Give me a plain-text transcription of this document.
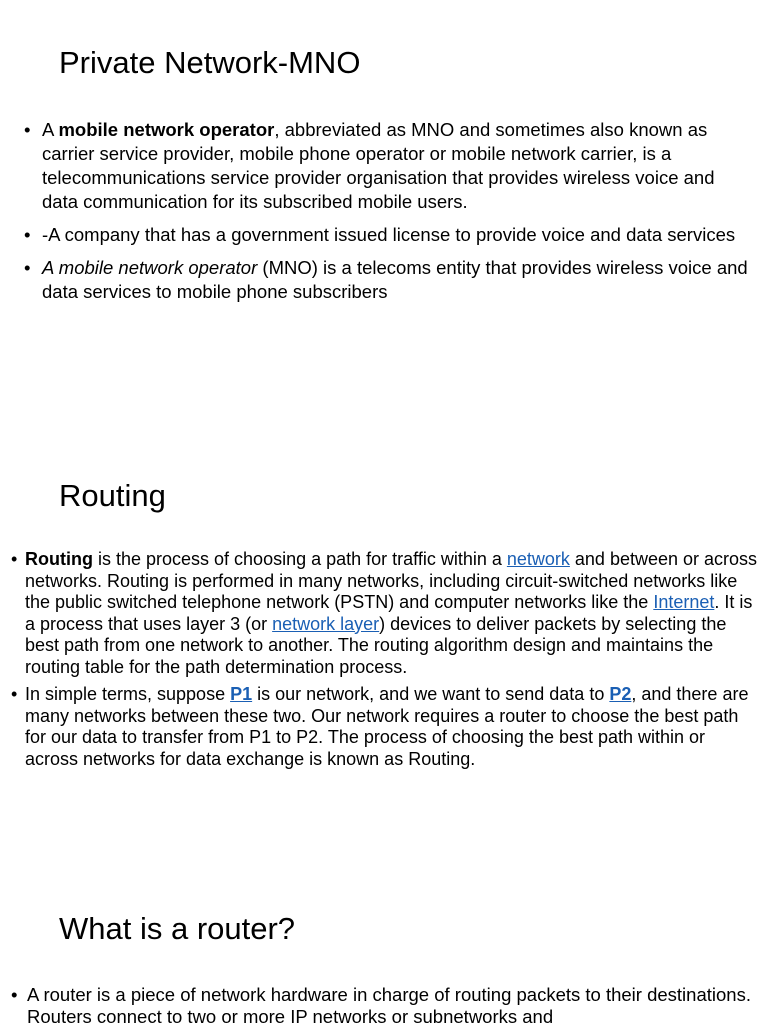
Private Network-MNO
• A mobile network operator, abbreviated as MNO and sometimes also known as carrier service provider, mobile phone operator or mobile network carrier, is a telecommunications service provider organisation that provides wireless voice and data communication for its subscribed mobile users.
• -A company that has a government issued license to provide voice and data services
• A mobile network operator (MNO) is a telecoms entity that provides wireless voice and data services to mobile phone subscribers
Routing
• Routing is the process of choosing a path for traffic within a network and between or across networks. Routing is performed in many networks, including circuit-switched networks like the public switched telephone network (PSTN) and computer networks like the Internet. It is a process that uses layer 3 (or network layer) devices to deliver packets by selecting the best path from one network to another. The routing algorithm design and maintains the routing table for the path determination process.
• In simple terms, suppose P1 is our network, and we want to send data to P2, and there are many networks between these two. Our network requires a router to choose the best path for our data to transfer from P1 to P2. The process of choosing the best path within or across networks for data exchange is known as Routing.
What is a router?
• A router is a piece of network hardware in charge of routing packets to their destinations. Routers connect to two or more IP networks or subnetworks and
